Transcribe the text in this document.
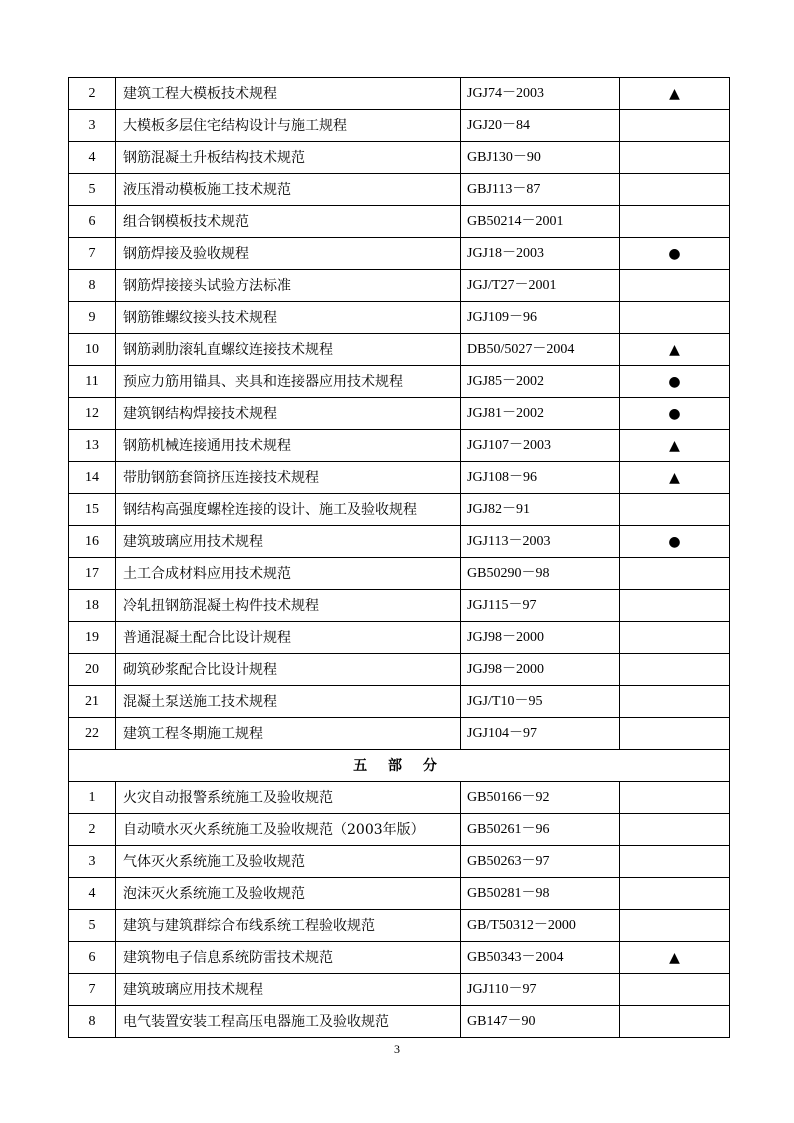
2	建筑工程大模板技术规程	JGJ74－2003	▲
3	大模板多层住宅结构设计与施工规程	JGJ20－84	
4	钢筋混凝土升板结构技术规范	GBJ130－90	
5	液压滑动模板施工技术规范	GBJ113－87	
6	组合钢模板技术规范	GB50214－2001	
7	钢筋焊接及验收规程	JGJ18－2003	●
8	钢筋焊接接头试验方法标准	JGJ/T27－2001	
9	钢筋锥螺纹接头技术规程	JGJ109－96	
10	钢筋剥肋滚轧直螺纹连接技术规程	DB50/5027－2004	▲
11	预应力筋用锚具、夹具和连接器应用技术规程	JGJ85－2002	●
12	建筑钢结构焊接技术规程	JGJ81－2002	●
13	钢筋机械连接通用技术规程	JGJ107－2003	▲
14	带肋钢筋套筒挤压连接技术规程	JGJ108－96	▲
15	钢结构高强度螺栓连接的设计、施工及验收规程	JGJ82－91	
16	建筑玻璃应用技术规程	JGJ113－2003	●
17	土工合成材料应用技术规范	GB50290－98	
18	冷轧扭钢筋混凝土构件技术规程	JGJ115－97	
19	普通混凝土配合比设计规程	JGJ98－2000	
20	砌筑砂浆配合比设计规程	JGJ98－2000	
21	混凝土泵送施工技术规程	JGJ/T10－95	
22	建筑工程冬期施工规程	JGJ104－97	
五 部 分			
1	火灾自动报警系统施工及验收规范	GB50166－92	
2	自动喷水灭火系统施工及验收规范（2003年版）	GB50261－96	
3	气体灭火系统施工及验收规范	GB50263－97	
4	泡沫灭火系统施工及验收规范	GB50281－98	
5	建筑与建筑群综合布线系统工程验收规范	GB/T50312－2000	
6	建筑物电子信息系统防雷技术规范	GB50343－2004	▲
7	建筑玻璃应用技术规程	JGJ110－97	
8	电气装置安装工程高压电器施工及验收规范	GB147－90	
3
